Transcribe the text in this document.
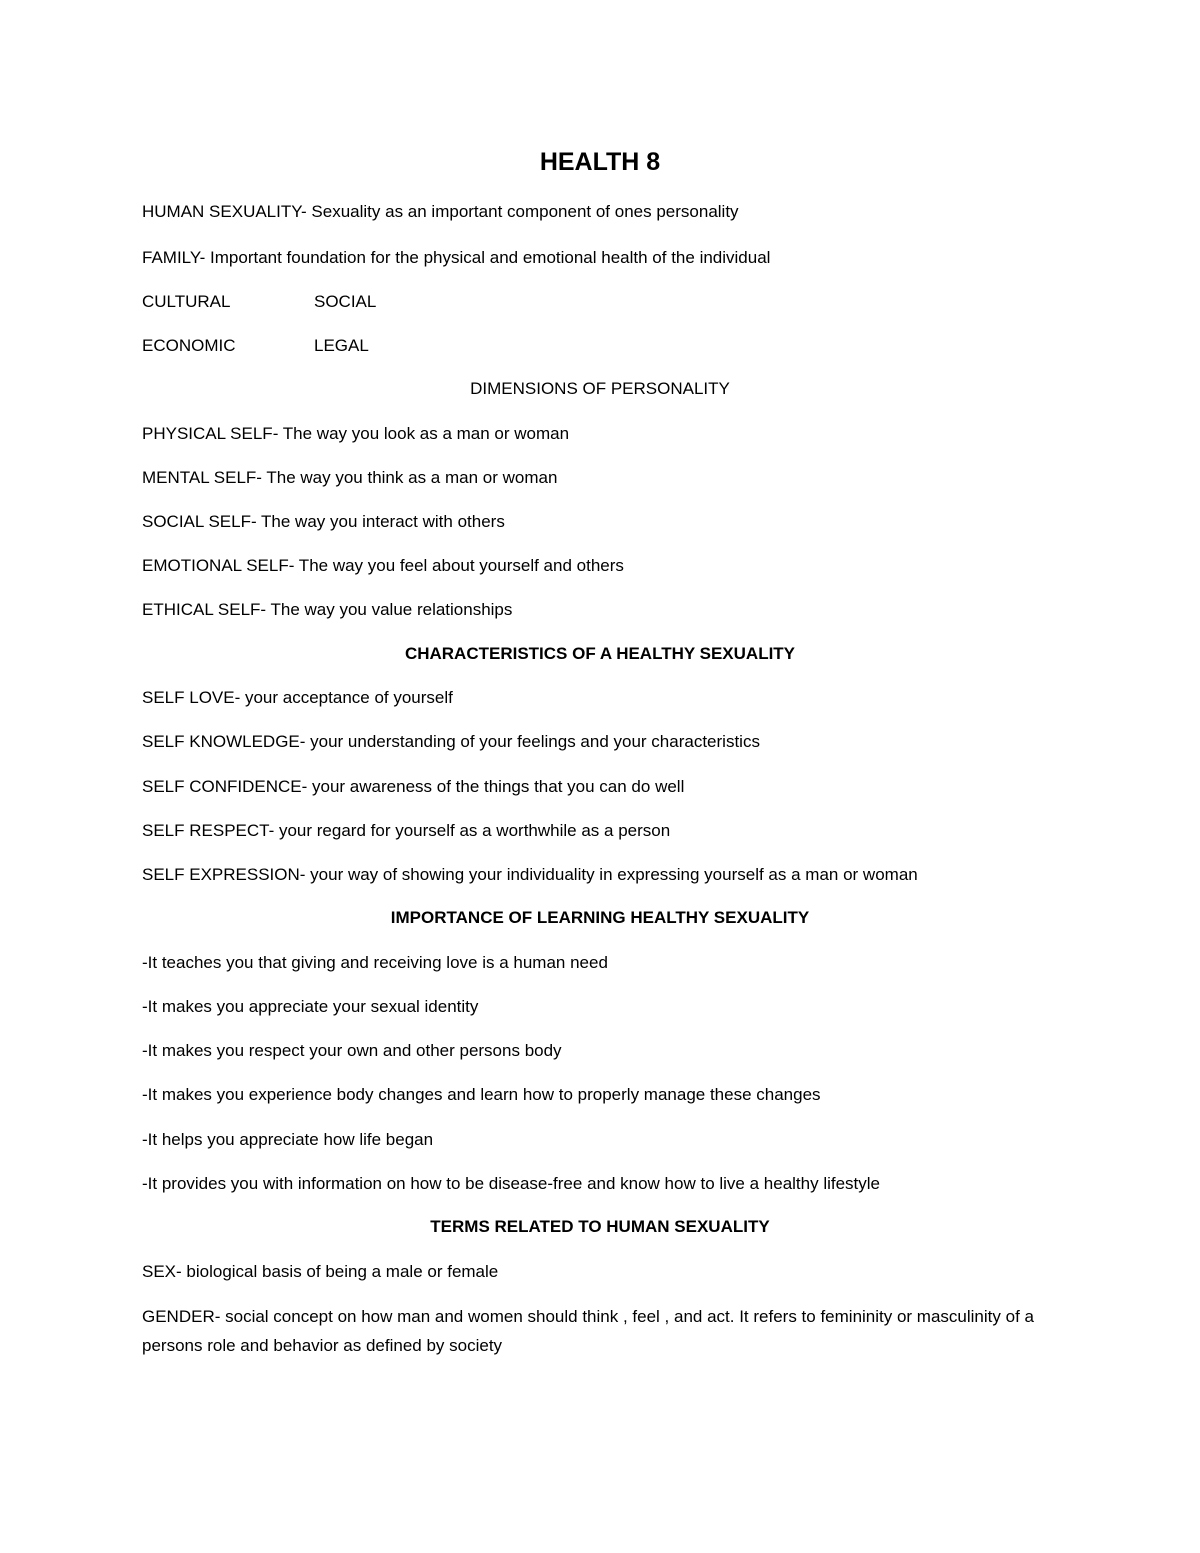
HEALTH 8
HUMAN SEXUALITY- Sexuality as an important component of ones personality
FAMILY- Important foundation for the physical and emotional health of the individual
CULTURAL	SOCIAL
ECONOMIC	LEGAL
DIMENSIONS OF PERSONALITY
PHYSICAL SELF- The way you look as a man or woman
MENTAL SELF- The way you think as a man or woman
SOCIAL SELF- The way you interact with others
EMOTIONAL SELF- The way you feel about yourself and others
ETHICAL SELF- The way you value relationships
CHARACTERISTICS OF A HEALTHY SEXUALITY
SELF LOVE- your acceptance of yourself
SELF KNOWLEDGE- your understanding of your feelings and your characteristics
SELF CONFIDENCE- your awareness of the things that you can do well
SELF RESPECT- your regard for yourself as a worthwhile as a person
SELF EXPRESSION- your way of showing your individuality in expressing yourself as a man or woman
IMPORTANCE OF LEARNING HEALTHY SEXUALITY
-It teaches you that giving and receiving love is a human need
-It makes you appreciate your sexual identity
-It makes you respect your own and other persons body
-It makes you experience body changes and learn how to properly manage these changes
-It helps you appreciate how life began
-It provides you with information on how to be disease-free and know how to live a healthy lifestyle
TERMS RELATED TO HUMAN SEXUALITY
SEX- biological basis of being a male or female
GENDER- social concept on how man and women should think , feel , and act. It refers to femininity or masculinity of a persons role and behavior as defined by society
